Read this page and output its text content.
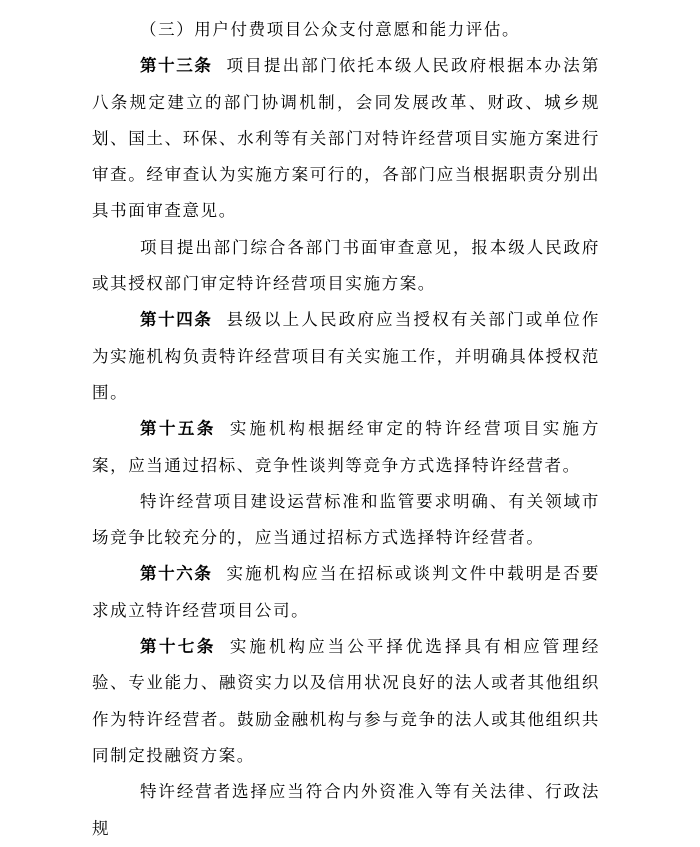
（三）用户付费项目公众支付意愿和能力评估。

第十三条 项目提出部门依托本级人民政府根据本办法第八条规定建立的部门协调机制，会同发展改革、财政、城乡规划、国土、环保、水利等有关部门对特许经营项目实施方案进行审查。经审查认为实施方案可行的，各部门应当根据职责分别出具书面审查意见。

项目提出部门综合各部门书面审查意见，报本级人民政府或其授权部门审定特许经营项目实施方案。

第十四条 县级以上人民政府应当授权有关部门或单位作为实施机构负责特许经营项目有关实施工作，并明确具体授权范围。

第十五条 实施机构根据经审定的特许经营项目实施方案，应当通过招标、竞争性谈判等竞争方式选择特许经营者。

特许经营项目建设运营标准和监管要求明确、有关领域市场竞争比较充分的，应当通过招标方式选择特许经营者。

第十六条 实施机构应当在招标或谈判文件中载明是否要求成立特许经营项目公司。

第十七条 实施机构应当公平择优选择具有相应管理经验、专业能力、融资实力以及信用状况良好的法人或者其他组织作为特许经营者。鼓励金融机构与参与竞争的法人或其他组织共同制定投融资方案。

特许经营者选择应当符合内外资准入等有关法律、行政法规
